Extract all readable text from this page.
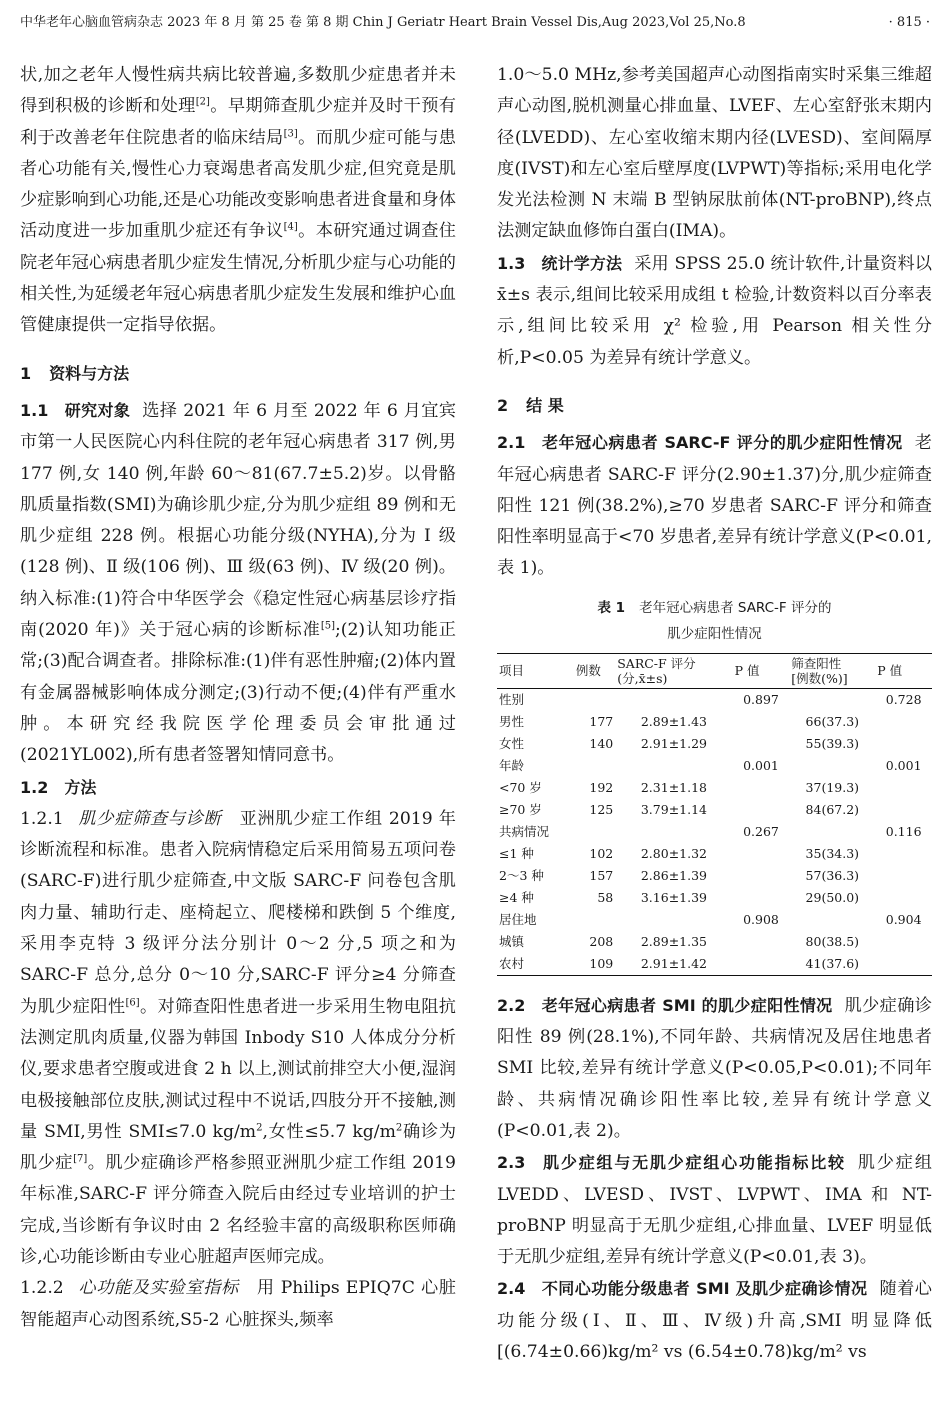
中华老年心脑血管病杂志 2023 年 8 月 第 25 卷 第 8 期 Chin J Geriatr Heart Brain Vessel Dis,Aug 2023,Vol 25,No.8	· 815 ·

状,加之老年人慢性病共病比较普遍,多数肌少症患者并未得到积极的诊断和处理[2]。早期筛查肌少症并及时干预有利于改善老年住院患者的临床结局[3]。而肌少症可能与患者心功能有关,慢性心力衰竭患者高发肌少症,但究竟是肌少症影响到心功能,还是心功能改变影响患者进食量和身体活动度进一步加重肌少症还有争议[4]。本研究通过调查住院老年冠心病患者肌少症发生情况,分析肌少症与心功能的相关性,为延缓老年冠心病患者肌少症发生发展和维护心血管健康提供一定指导依据。

1 资料与方法

1.1 研究对象 选择 2021 年 6 月至 2022 年 6 月宜宾市第一人民医院心内科住院的老年冠心病患者 317 例,男 177 例,女 140 例,年龄 60～81(67.7±5.2)岁。以骨骼肌质量指数(SMI)为确诊肌少症,分为肌少症组 89 例和无肌少症组 228 例。根据心功能分级(NYHA),分为 Ⅰ 级(128 例)、Ⅱ 级(106 例)、Ⅲ 级(63 例)、Ⅳ 级(20 例)。纳入标准:(1)符合中华医学会《稳定性冠心病基层诊疗指南(2020 年)》关于冠心病的诊断标准[5];(2)认知功能正常;(3)配合调查者。排除标准:(1)伴有恶性肿瘤;(2)体内置有金属器械影响体成分测定;(3)行动不便;(4)伴有严重水肿。本研究经我院医学伦理委员会审批通过(2021YL002),所有患者签署知情同意书。

1.2 方法

1.2.1 肌少症筛查与诊断 亚洲肌少症工作组 2019 年诊断流程和标准。患者入院病情稳定后采用简易五项问卷(SARC-F)进行肌少症筛查,中文版 SARC-F 问卷包含肌肉力量、辅助行走、座椅起立、爬楼梯和跌倒 5 个维度,采用李克特 3 级评分法分别计 0～2 分,5 项之和为 SARC-F 总分,总分 0～10 分,SARC-F 评分≥4 分筛查为肌少症阳性[6]。对筛查阳性患者进一步采用生物电阻抗法测定肌肉质量,仪器为韩国 Inbody S10 人体成分分析仪,要求患者空腹或进食 2 h 以上,测试前排空大小便,湿润电极接触部位皮肤,测试过程中不说话,四肢分开不接触,测量 SMI,男性 SMI≤7.0 $kg/m^2$,女性≤5.7 $kg/m^2$确诊为肌少症[7]。肌少症确诊严格参照亚洲肌少症工作组 2019 年标准,SARC-F 评分筛查入院后由经过专业培训的护士完成,当诊断有争议时由 2 名经验丰富的高级职称医师确诊,心功能诊断由专业心脏超声医师完成。

1.2.2 心功能及实验室指标 用 Philips EPIQ7C 心脏智能超声心动图系统,S5-2 心脏探头,频率

1.0～5.0 MHz,参考美国超声心动图指南实时采集三维超声心动图,脱机测量心排血量、LVEF、左心室舒张末期内径(LVEDD)、左心室收缩末期内径(LVESD)、室间隔厚度(IVST)和左心室后壁厚度(LVPWT)等指标;采用电化学发光法检测 N 末端 B 型钠尿肽前体(NT-proBNP),终点法测定缺血修饰白蛋白(IMA)。

1.3 统计学方法 采用 SPSS 25.0 统计软件,计量资料以 x̄±s 表示,组间比较采用成组 t 检验,计数资料以百分率表示,组间比较采用 χ² 检验,用 Pearson 相关性分析,P<0.05 为差异有统计学意义。

2 结 果

2.1 老年冠心病患者 SARC-F 评分的肌少症阳性情况 老年冠心病患者 SARC-F 评分(2.90±1.37)分,肌少症筛查阳性 121 例(38.2%),≥70 岁患者 SARC-F 评分和筛查阳性率明显高于<70 岁患者,差异有统计学意义(P<0.01,表 1)。

表 1 老年冠心病患者 SARC-F 评分的
肌少症阳性情况
项目	例数	SARC-F 评分
(分,x̄±s)	P 值	筛查阳性
[例数(%)]	P 值
性别			0.897		0.728
男性	177	2.89±1.43		66(37.3)	
女性	140	2.91±1.29		55(39.3)	
年龄			0.001		0.001
<70 岁	192	2.31±1.18		37(19.3)	
≥70 岁	125	3.79±1.14		84(67.2)	
共病情况			0.267		0.116
≤1 种	102	2.80±1.32		35(34.3)	
2～3 种	157	2.86±1.39		57(36.3)	
≥4 种	58	3.16±1.39		29(50.0)	
居住地			0.908		0.904
城镇	208	2.89±1.35		80(38.5)	
农村	109	2.91±1.42		41(37.6)	

2.2 老年冠心病患者 SMI 的肌少症阳性情况 肌少症确诊阳性 89 例(28.1%),不同年龄、共病情况及居住地患者 SMI 比较,差异有统计学意义(P<0.05,P<0.01);不同年龄、共病情况确诊阳性率比较,差异有统计学意义(P<0.01,表 2)。

2.3 肌少症组与无肌少症组心功能指标比较 肌少症组 LVEDD、LVESD、IVST、LVPWT、IMA 和 NT-proBNP 明显高于无肌少症组,心排血量、LVEF 明显低于无肌少症组,差异有统计学意义(P<0.01,表 3)。

2.4 不同心功能分级患者 SMI 及肌少症确诊情况 随着心功能分级(Ⅰ、Ⅱ、Ⅲ、Ⅳ级)升高,SMI 明显降低[(6.74±0.66)kg/m² vs (6.54±0.78)kg/m² vs
